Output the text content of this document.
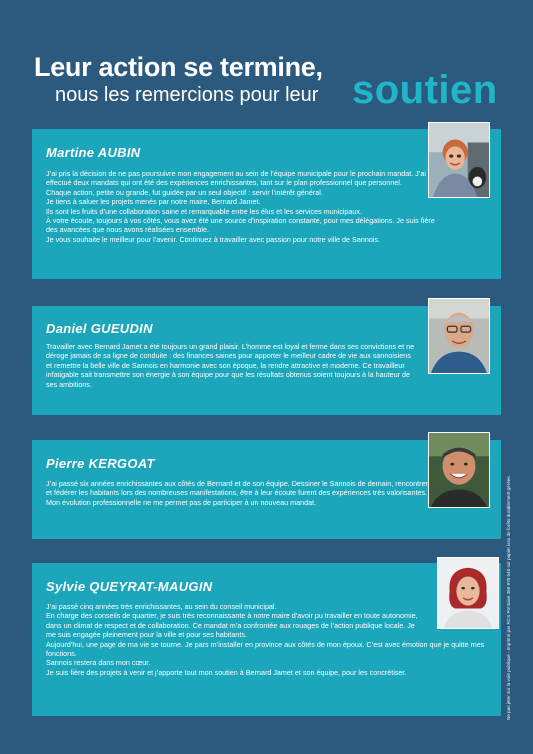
Leur action se termine,
nous les remercions pour leur soutien
Martine AUBIN

J’ai pris la décision de ne pas poursuivre mon engagement au sein de l’équipe municipale pour le prochain mandat. J’ai effectué deux mandats qui ont été des expériences enrichissantes, tant sur le plan professionnel que personnel.

Chaque action, petite ou grande, fut guidée par un seul objectif : servir l’intérêt général.

Je tiens à saluer les projets menés par notre maire, Bernard Jamet.

Ils sont les fruits d’une collaboration saine et remarquable entre les élus et les services municipaux.

À votre écoute, toujours à vos côtés, vous avez été une source d’inspiration constante, pour mes délégations. Je suis fière des avancées que nous avons réalisées ensemble.

Je vous souhaite le meilleur pour l’avenir. Continuez à travailler avec passion pour notre ville de Sannois.

Daniel GUEUDIN

Travailler avec Bernard Jamet a été toujours un grand plaisir. L’homme est loyal et ferme dans ses convictions et ne déroge jamais de sa ligne de conduite : des finances saines pour apporter le meilleur cadre de vie aux sannoisiens et remettre la belle ville de Sannois en harmonie avec son époque, la rendre attractive et moderne. Ce travailleur infatigable sait transmettre son énergie à son équipe pour que les résultats obtenus soient toujours à la hauteur de ses ambitions.

Pierre KERGOAT

J’ai passé six années enrichissantes aux côtés de Bernard et de son équipe. Dessiner le Sannois de demain, rencontrer et fédérer les habitants lors des nombreuses manifestations, être à leur écoute furent des expériences très valorisantes. Mon évolution professionnelle ne me permet pas de participer à un nouveau mandat.

Sylvie QUEYRAT-MAUGIN

J’ai passé cinq années très enrichissantes, au sein du conseil municipal.

En charge des conseils de quartier, je suis très reconnaissante à notre maire d’avoir pu travailler en toute autonomie, dans un climat de respect et de collaboration. Ce mandat m’a confrontée aux rouages de l’action publique locale. Je me suis engagée pleinement pour la ville et pour ses habitants.

Aujourd’hui, une page de ma vie se tourne. Je pars m’installer en province aux côtés de mon époux. C’est avec émotion que je quitte mes fonctions.

Sannois restera dans mon cœur.

Je suis fière des projets à venir et j’apporte tout mon soutien à Bernard Jamet et son équipe, pour les concrétiser.	Ne pas jeter sur la voie publique - Imprimé par RCS Pontoise 389 978 548 sur papier issu de forêts durablement gérées.
